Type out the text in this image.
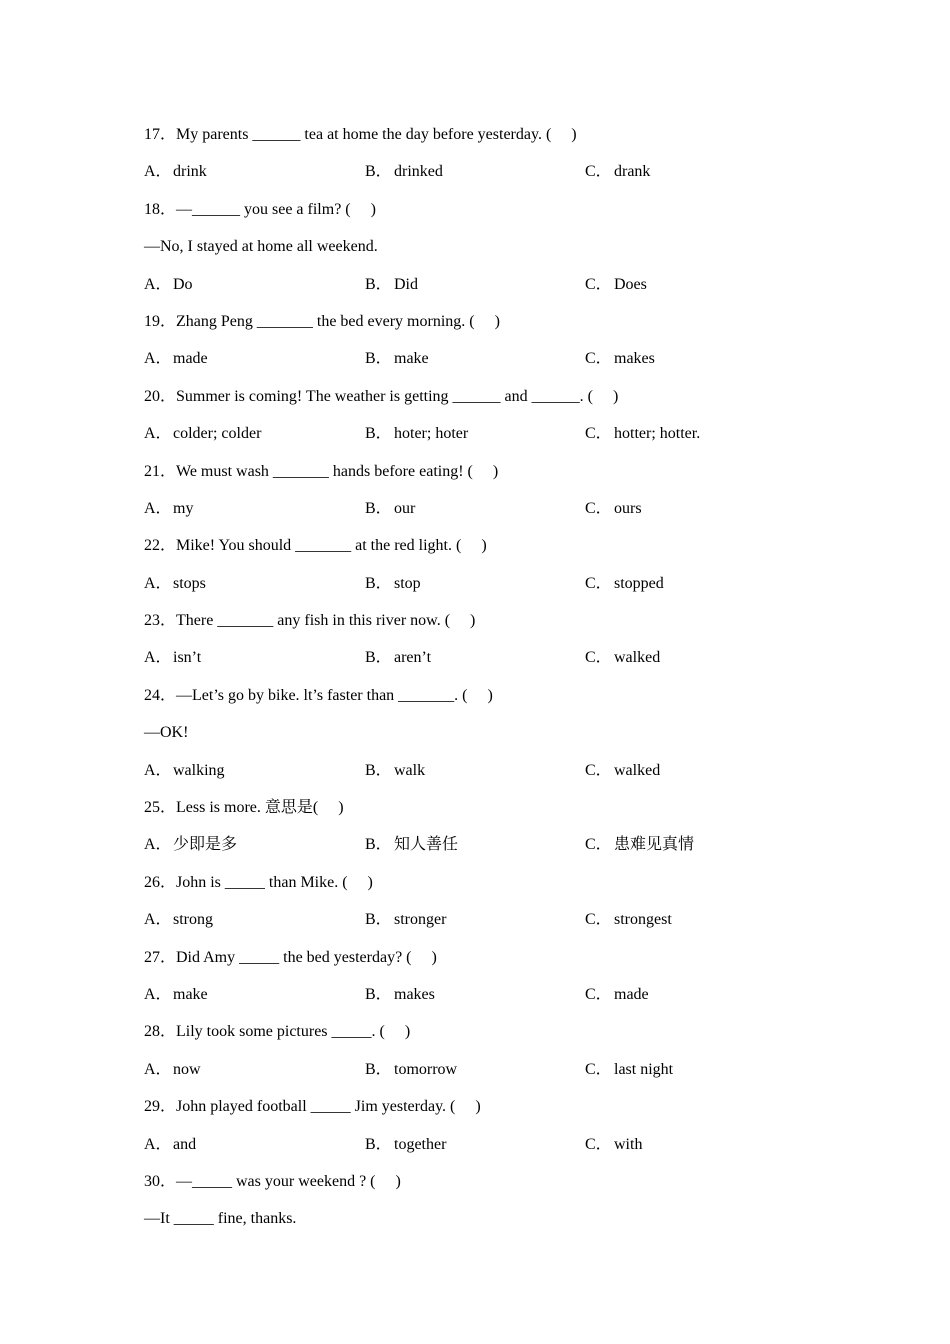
17．My parents ______ tea at home the day before yesterday. (　 )
A．drink	B． drinked	C． drank
18．—______ you see a film? (　 )
—No, I stayed at home all weekend.
A．Do	B． Did	C． Does
19．Zhang Peng _______ the bed every morning. (　 )
A．made	B． make	C． makes
20．Summer is coming! The weather is getting ______ and ______. (　 )
A．colder; colder	B． hoter; hoter	C． hotter; hotter.
21．We must wash _______ hands before eating! (　 )
A．my	B． our	C． ours
22．Mike! You should _______ at the red light. (　 )
A．stops	B． stop	C． stopped
23．There _______ any fish in this river now. (　 )
A．isn’t	B． aren’t	C． walked
24．—Let’s go by bike. lt’s faster than _______. (　 )
—OK!
A．walking	B． walk	C． walked
25．Less is more. 意思是(　 )
A．少即是多	B． 知人善任	C． 患难见真情
26．John is _____ than Mike. (　 )
A．strong	B． stronger	C． strongest
27．Did Amy _____ the bed yesterday? (　 )
A．make	B． makes	C． made
28．Lily took some pictures _____. (　 )
A．now	B． tomorrow	C． last night
29．John played football _____ Jim yesterday. (　 )
A．and	B． together	C． with
30．—_____ was your weekend ? (　 )
—It _____ fine, thanks.
